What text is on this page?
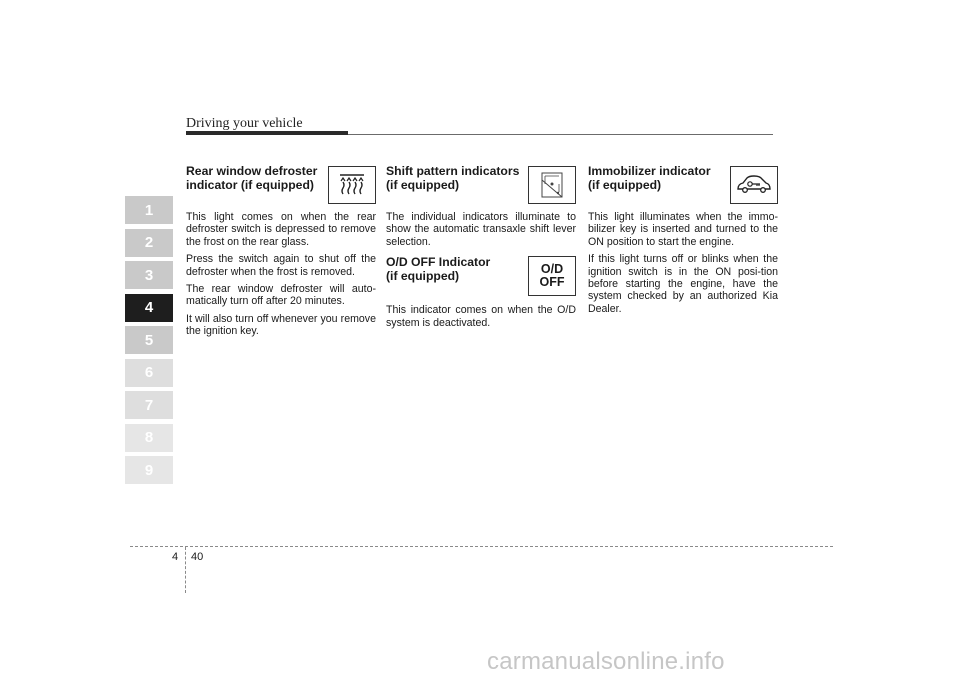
Driving your vehicle
1
2
3
4
5
6
7
8
9

Rear window defroster
indicator (if equipped)

This light comes on when the rear defroster switch is depressed to remove the frost on the rear glass.

Press the switch again to shut off the defroster when the frost is removed.

The rear window defroster will auto-matically turn off after 20 minutes.

It will also turn off whenever you remove the ignition key.

Shift pattern indicators
(if equipped)

The individual indicators illuminate to show the automatic transaxle shift lever selection.

O/D OFF Indicator
(if equipped)	O/D
OFF

This indicator comes on when the O/D system is deactivated.

Immobilizer indicator
(if equipped)

This light illuminates when the immo-bilizer key is inserted and turned to the ON position to start the engine.

If this light turns off or blinks when the ignition switch is in the ON posi-tion before starting the engine, have the system checked by an authorized Kia Dealer.

4 40
carmanualsonline.info
